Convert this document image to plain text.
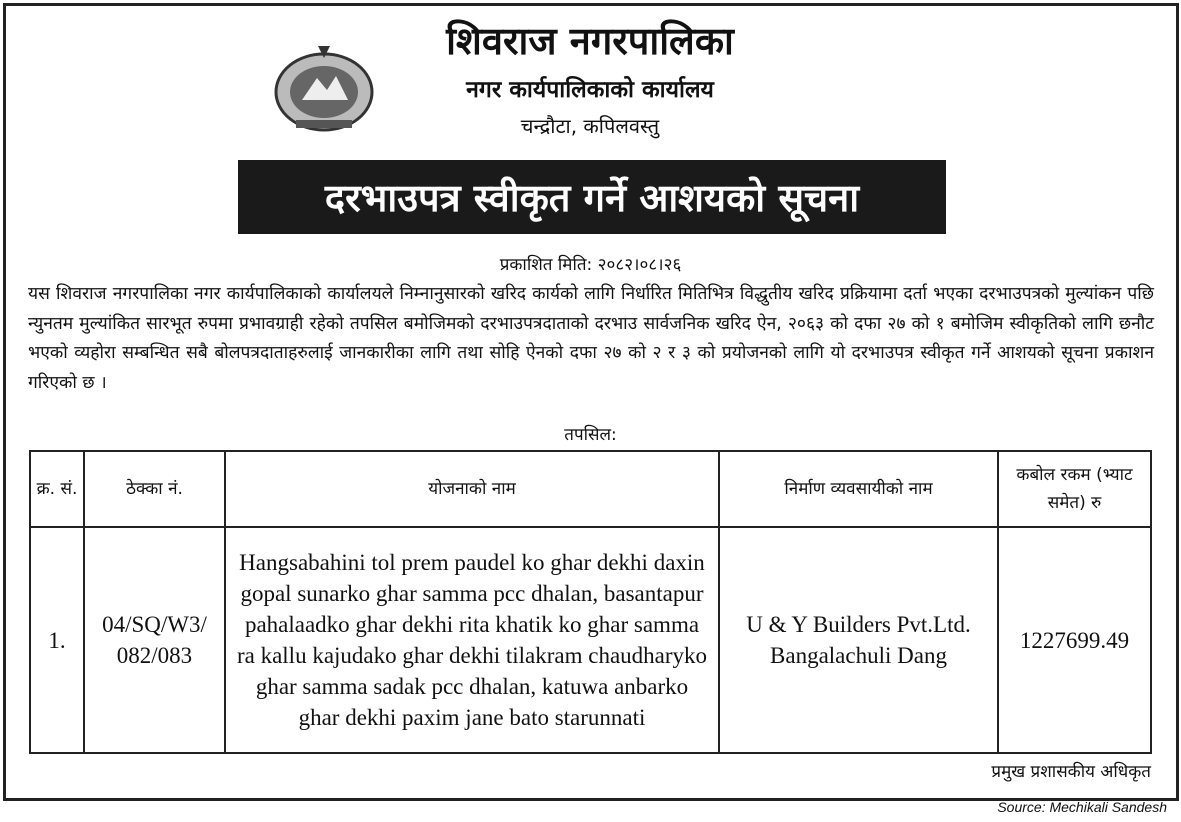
शिवराज नगरपालिका
नगर कार्यपालिकाको कार्यालय
चन्द्रौटा, कपिलवस्तु
दरभाउपत्र स्वीकृत गर्ने आशयको सूचना
प्रकाशित मिति: २०८२।०८।२६
यस शिवराज नगरपालिका नगर कार्यपालिकाको कार्यालयले निम्नानुसारको खरिद कार्यको लागि निर्धारित मितिभित्र विद्धुतीय खरिद प्रक्रियामा दर्ता भएका दरभाउपत्रको मुल्यांकन पछि न्युनतम मुल्यांकित सारभूत रुपमा प्रभावग्राही रहेको तपसिल बमोजिमको दरभाउपत्रदाताको दरभाउ सार्वजनिक खरिद ऐन, २०६३ को दफा २७ को १ बमोजिम स्वीकृतिको लागि छनौट भएको व्यहोरा सम्बन्धित सबै बोलपत्रदाताहरुलाई जानकारीका लागि तथा सोहि ऐनको दफा २७ को २ र ३ को प्रयोजनको लागि यो दरभाउपत्र स्वीकृत गर्ने आशयको सूचना प्रकाशन गरिएको छ ।
तपसिल:
क्र. सं.	ठेक्का नं.	योजनाको नाम	निर्माण व्यवसायीको नाम	कबोल रकम (भ्याट समेत) रु
1.	04/SQ/W3/ 082/083	Hangsabahini tol prem paudel ko ghar dekhi daxin gopal sunarko ghar samma pcc dhalan, basantapur pahalaadko ghar dekhi rita khatik ko ghar samma ra kallu kajudako ghar dekhi tilakram chaudharyko ghar samma sadak pcc dhalan, katuwa anbarko ghar dekhi paxim jane bato starunnati	U & Y Builders Pvt.Ltd. Bangalachuli Dang	1227699.49
प्रमुख प्रशासकीय अधिकृत
Source: Mechikali Sandesh
